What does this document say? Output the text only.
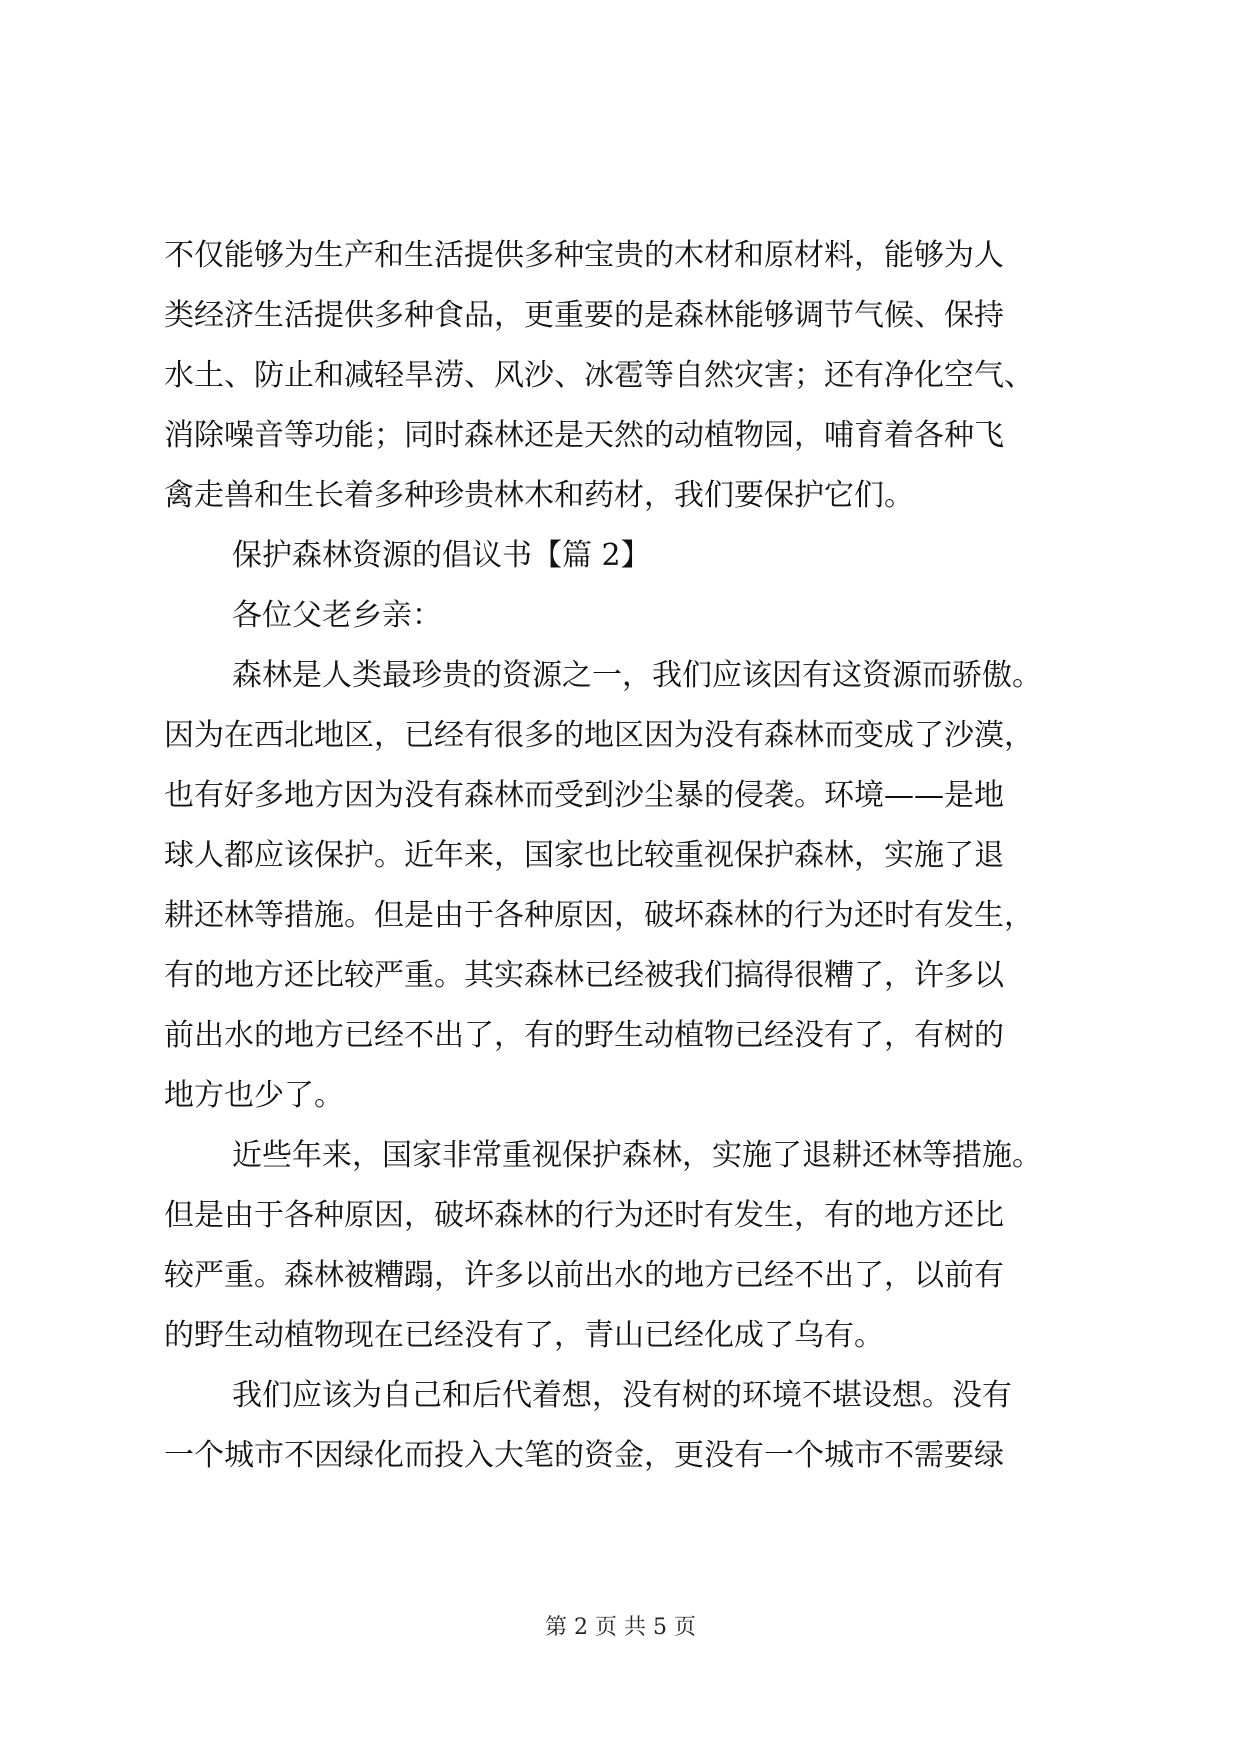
不仅能够为生产和生活提供多种宝贵的木材和原材料，能够为人
类经济生活提供多种食品，更重要的是森林能够调节气候、保持
水土、防止和减轻旱涝、风沙、冰雹等自然灾害；还有净化空气、
消除噪音等功能；同时森林还是天然的动植物园，哺育着各种飞
禽走兽和生长着多种珍贵林木和药材，我们要保护它们。
保护森林资源的倡议书【篇 2】
各位父老乡亲：
森林是人类最珍贵的资源之一，我们应该因有这资源而骄傲。
因为在西北地区，已经有很多的地区因为没有森林而变成了沙漠，
也有好多地方因为没有森林而受到沙尘暴的侵袭。环境——是地
球人都应该保护。近年来，国家也比较重视保护森林，实施了退
耕还林等措施。但是由于各种原因，破坏森林的行为还时有发生，
有的地方还比较严重。其实森林已经被我们搞得很糟了，许多以
前出水的地方已经不出了，有的野生动植物已经没有了，有树的
地方也少了。
近些年来，国家非常重视保护森林，实施了退耕还林等措施。
但是由于各种原因，破坏森林的行为还时有发生，有的地方还比
较严重。森林被糟蹋，许多以前出水的地方已经不出了，以前有
的野生动植物现在已经没有了，青山已经化成了乌有。
我们应该为自己和后代着想，没有树的环境不堪设想。没有
一个城市不因绿化而投入大笔的资金，更没有一个城市不需要绿
第 2 页 共 5 页
